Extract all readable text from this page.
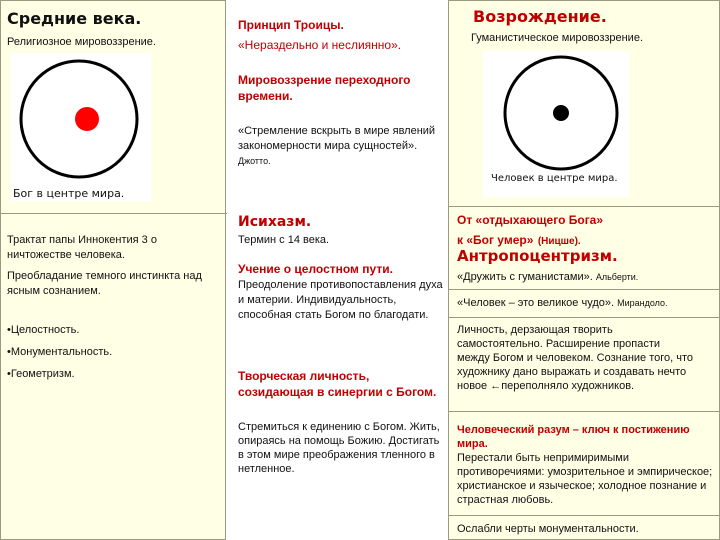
Средние века.
Религиозное мировоззрение.
Бог в центре мира.
Трактат папы Иннокентия 3 о ничтожестве человека.
Преобладание темного инстинкта над ясным сознанием.
•Целостность.
•Монументальность.
•Геометризм.
Принцип Троицы.
«Нераздельно и неслиянно».
Мировоззрение переходного времени.
«Стремление вскрыть в мире явлений закономерности мира сущностей». Джотто.
Исихазм.
Термин с 14 века.
Учение о целостном пути. Преодоление противопоставления духа и материи. Индивидуальность, способная стать Богом по благодати.
Творческая личность, созидающая в синергии с Богом.
Стремиться к единению с Богом. Жить, опираясь на помощь Божию. Достигать в этом мире преображения тленного в нетленное.
Возрождение.
Гуманистическое мировоззрение.
Человек в центре мира.
От «отдыхающего Бога»
к «Бог умер» (Ницше).
Антропоцентризм.
«Дружить с гуманистами». Альберти.
«Человек – это великое чудо». Мирандоло.
Личность, дерзающая творить самостоятельно. Расширение пропасти между Богом и человеком. Сознание того, что художнику дано выражать и создавать нечто новое ←переполняло художников.
Человеческий разум – ключ к постижению мира.
Перестали быть непримиримыми противоречиями: умозрительное и эмпирическое; христианское и языческое; холодное познание и страстная любовь.
Ослабли черты монументальности.
